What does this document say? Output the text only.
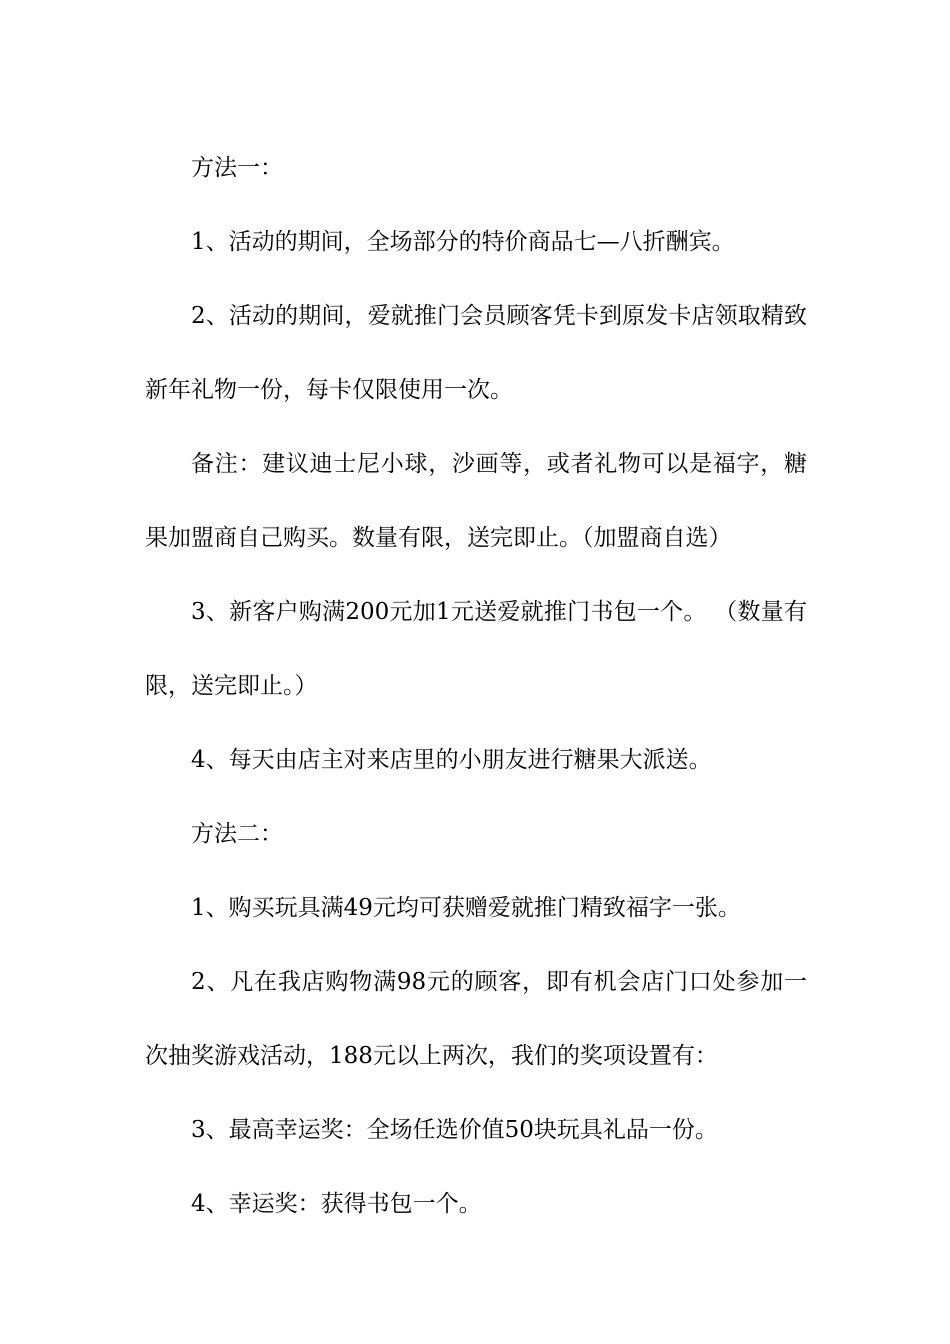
方法一：

1、活动的期间，全场部分的特价商品七—八折酬宾。

2、活动的期间，爱就推门会员顾客凭卡到原发卡店领取精致新年礼物一份，每卡仅限使用一次。

备注：建议迪士尼小球，沙画等，或者礼物可以是福字，糖果加盟商自己购买。数量有限，送完即止。（加盟商自选）

3、新客户购满200元加1元送爱就推门书包一个。 （数量有限，送完即止。）

4、每天由店主对来店里的小朋友进行糖果大派送。

方法二：

1、购买玩具满49元均可获赠爱就推门精致福字一张。

2、凡在我店购物满98元的顾客，即有机会店门口处参加一次抽奖游戏活动，188元以上两次，我们的奖项设置有：

3、最高幸运奖：全场任选价值50块玩具礼品一份。

4、幸运奖：获得书包一个。
